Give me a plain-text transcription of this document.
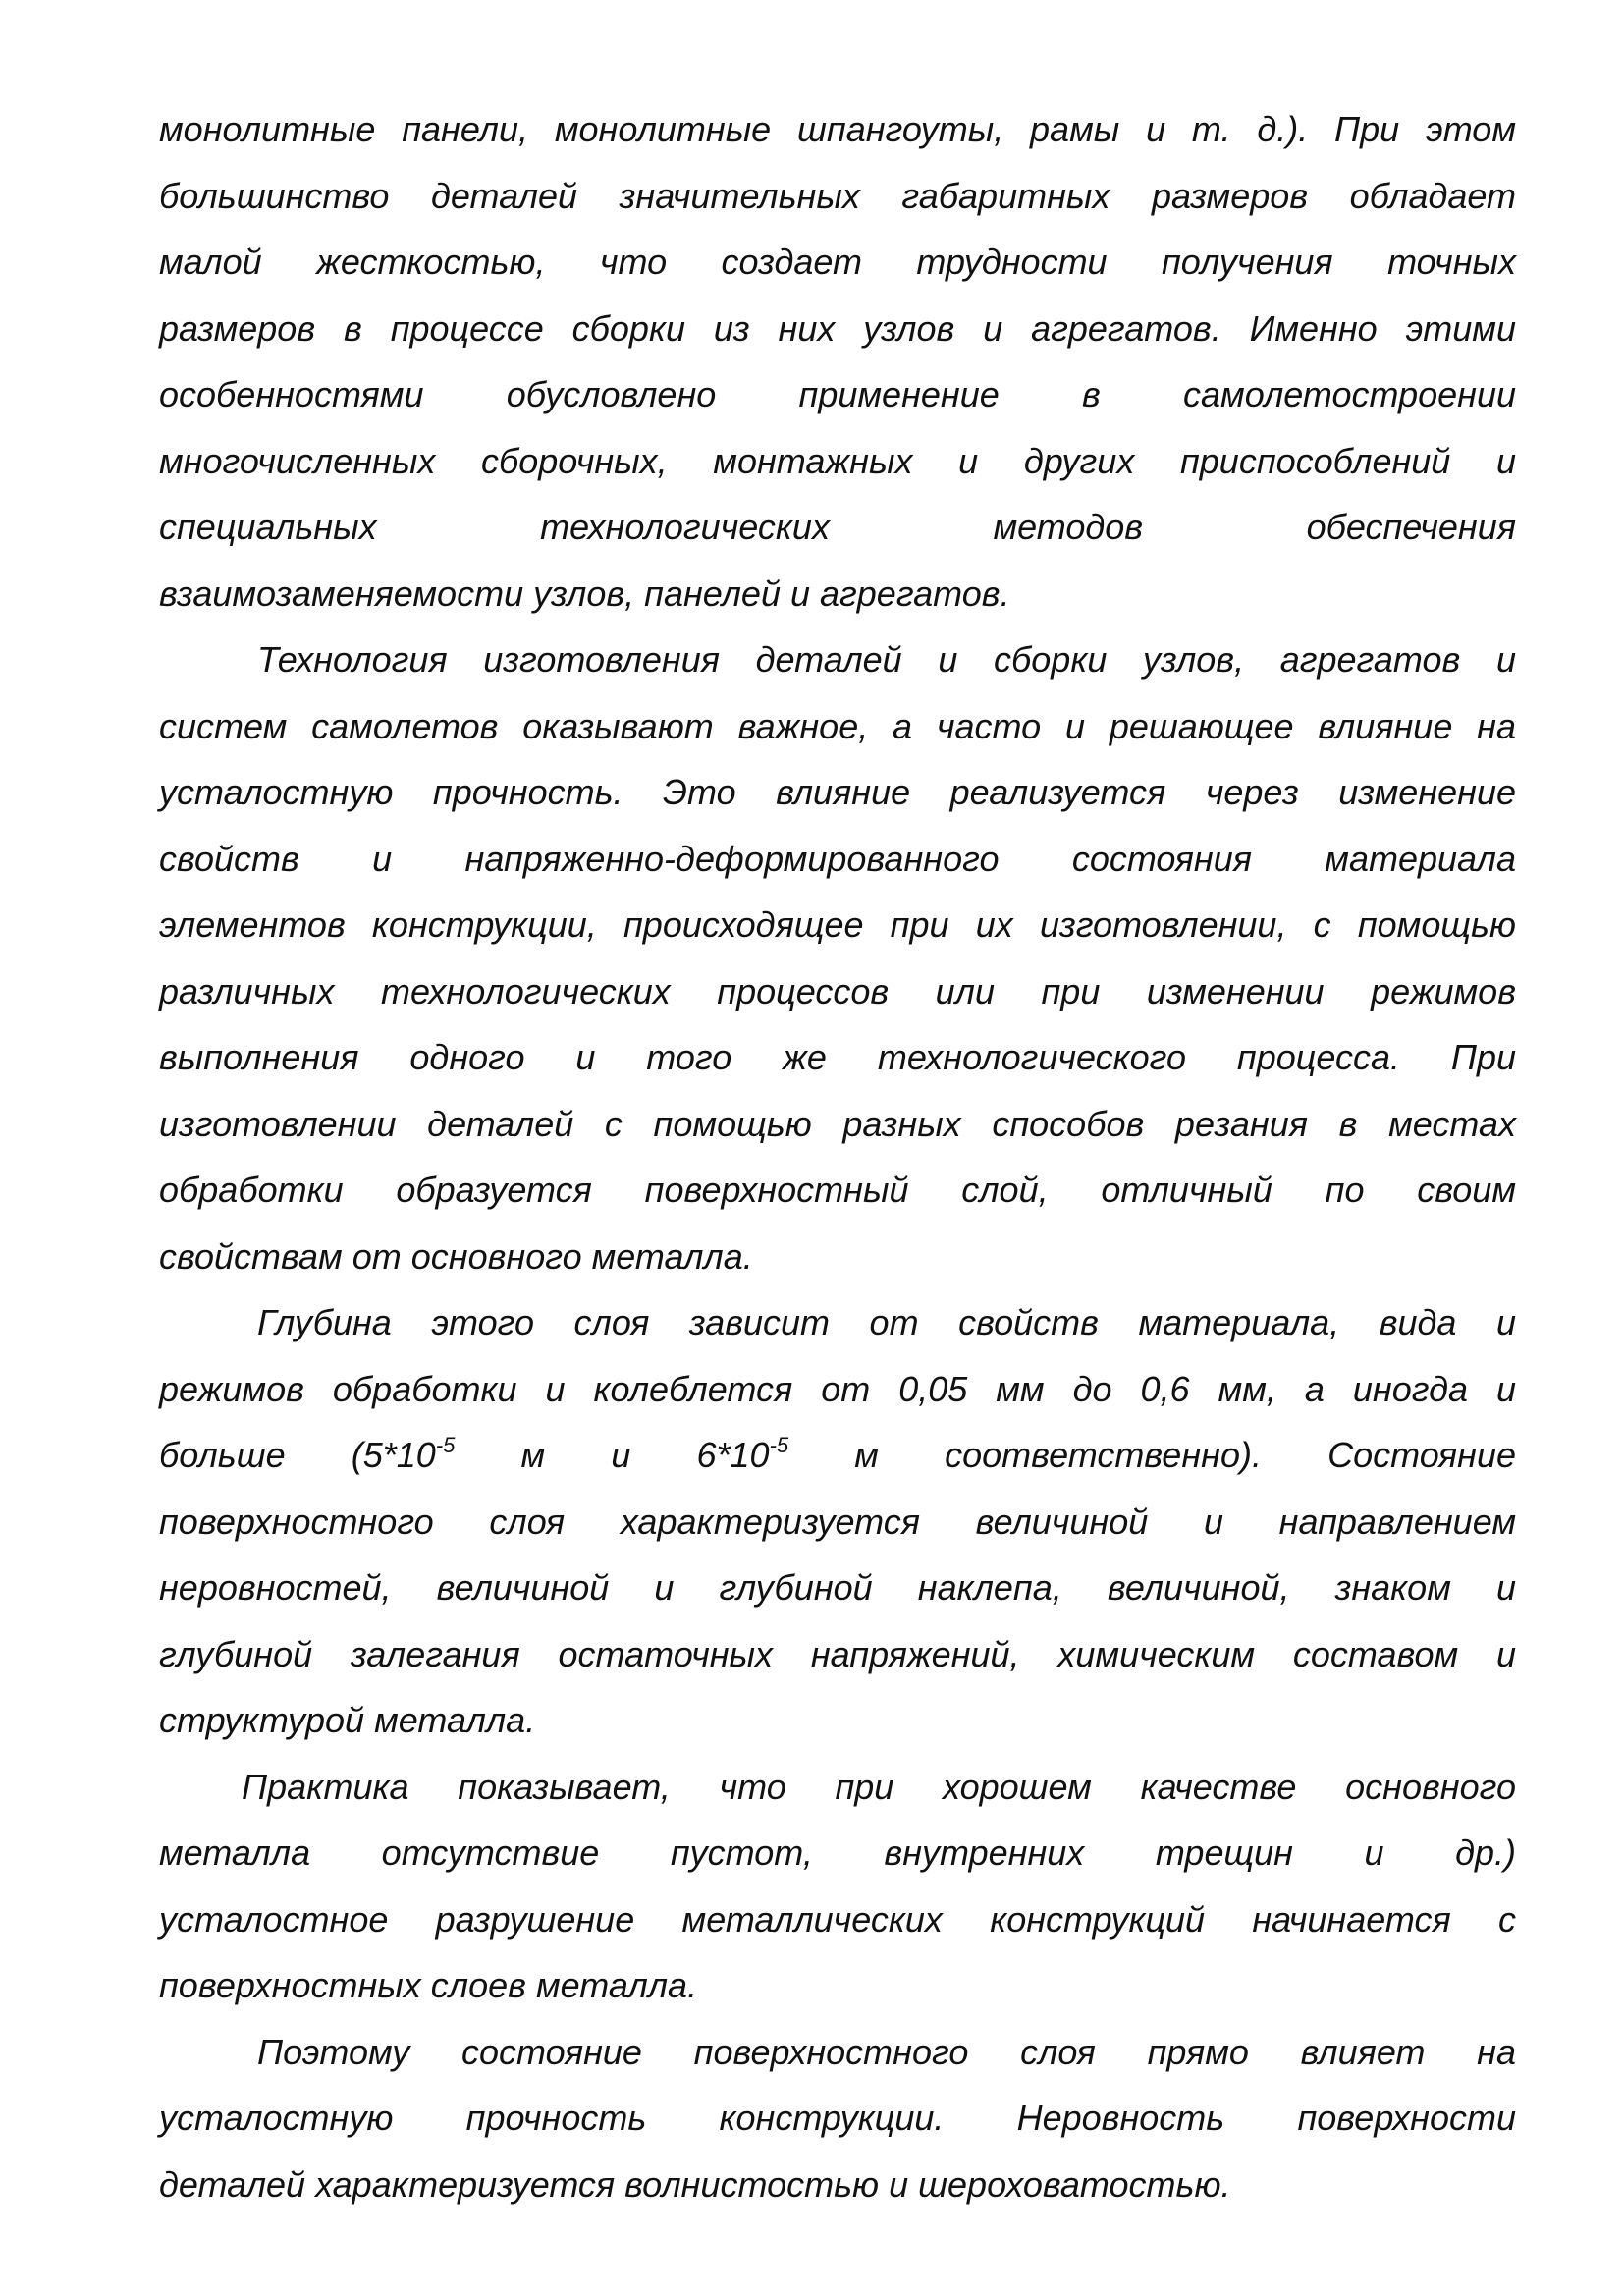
монолитные панели, монолитные шпангоуты, рамы и т. д.). При этом
большинство деталей значительных габаритных размеров обладает
малой жесткостью, что создает трудности получения точных
размеров в процессе сборки из них узлов и агрегатов. Именно этими
особенностями обусловлено применение в самолетостроении
многочисленных сборочных, монтажных и других приспособлений и
специальных технологических методов обеспечения
взаимозаменяемости узлов, панелей и агрегатов.
Технология изготовления деталей и сборки узлов, агрегатов и
систем самолетов оказывают важное, а часто и решающее влияние на
усталостную прочность. Это влияние реализуется через изменение
свойств и напряженно-деформированного состояния материала
элементов конструкции, происходящее при их изготовлении, с помощью
различных технологических процессов или при изменении режимов
выполнения одного и того же технологического процесса. При
изготовлении деталей с помощью разных способов резания в местах
обработки образуется поверхностный слой, отличный по своим
свойствам от основного металла.
Глубина этого слоя зависит от свойств материала, вида и
режимов обработки и колеблется от 0,05 мм до 0,6 мм, а иногда и
больше ($5*10^{-5}$ м и $6*10^{-5}$ м соответственно). Состояние
поверхностного слоя характеризуется величиной и направлением
неровностей, величиной и глубиной наклепа, величиной, знаком и
глубиной залегания остаточных напряжений, химическим составом и
структурой металла.
Практика показывает, что при хорошем качестве основного
металла отсутствие пустот, внутренних трещин и др.)
усталостное разрушение металлических конструкций начинается с
поверхностных слоев металла.
Поэтому состояние поверхностного слоя прямо влияет на
усталостную прочность конструкции. Неровность поверхности
деталей характеризуется волнистостью и шероховатостью.
